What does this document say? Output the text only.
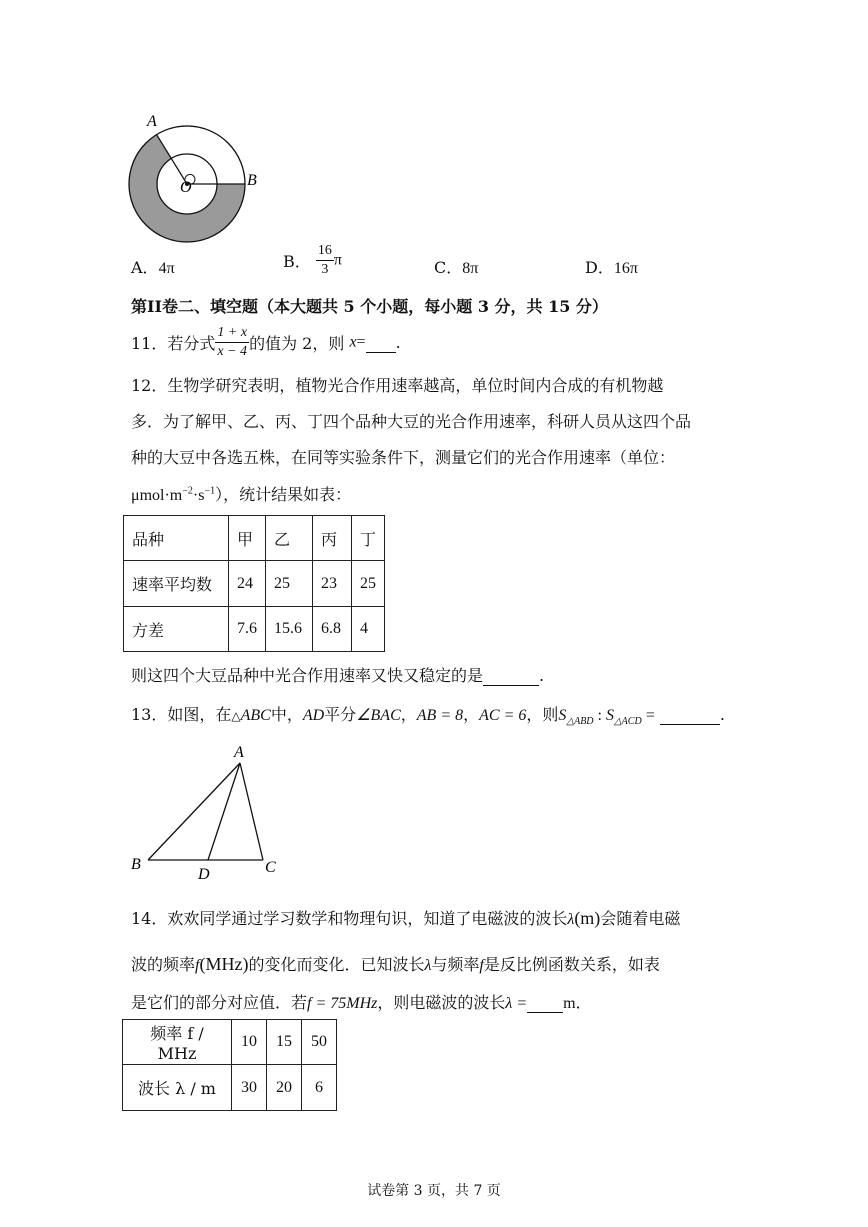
A
B
O
A．4π	B． $\frac{16}{3}$ π	C．8π	D．16π
第II卷二、填空题（本大题共 5 个小题，每小题 3 分，共 15 分）
11．若分式 $\frac{1 + x}{x - 4}$ 的值为 2，则 x= .
12．生物学研究表明，植物光合作用速率越高，单位时间内合成的有机物越
多．为了解甲、乙、丙、丁四个品种大豆的光合作用速率，科研人员从这四个品
种的大豆中各选五株，在同等实验条件下，测量它们的光合作用速率（单位：
$\mu mol\cdot m^{-2}\cdot s^{-1}$），统计结果如表：
品种	甲	乙	丙	丁
速率平均数	24	25	23	25
方差	7.6	15.6	6.8	4
则这四个大豆品种中光合作用速率又快又稳定的是	.
13．如图，在△ABC中，AD平分∠BAC，AB = 8，AC = 6，则$S_{\triangle ABD}$ : $S_{\triangle ACD}$ =	.
A
B	C
D
14．欢欢同学通过学习数学和物理句识，知道了电磁波的波长λ(m)会随着电磁
波的频率f(MHz)的变化而变化．已知波长λ与频率f是反比例函数关系，如表
是它们的部分对应值．若f = 75MHz，则电磁波的波长λ = m．
频率 f / MHz	10	15	50
波长 λ / m	30	20	6
试卷第 3 页，共 7 页
